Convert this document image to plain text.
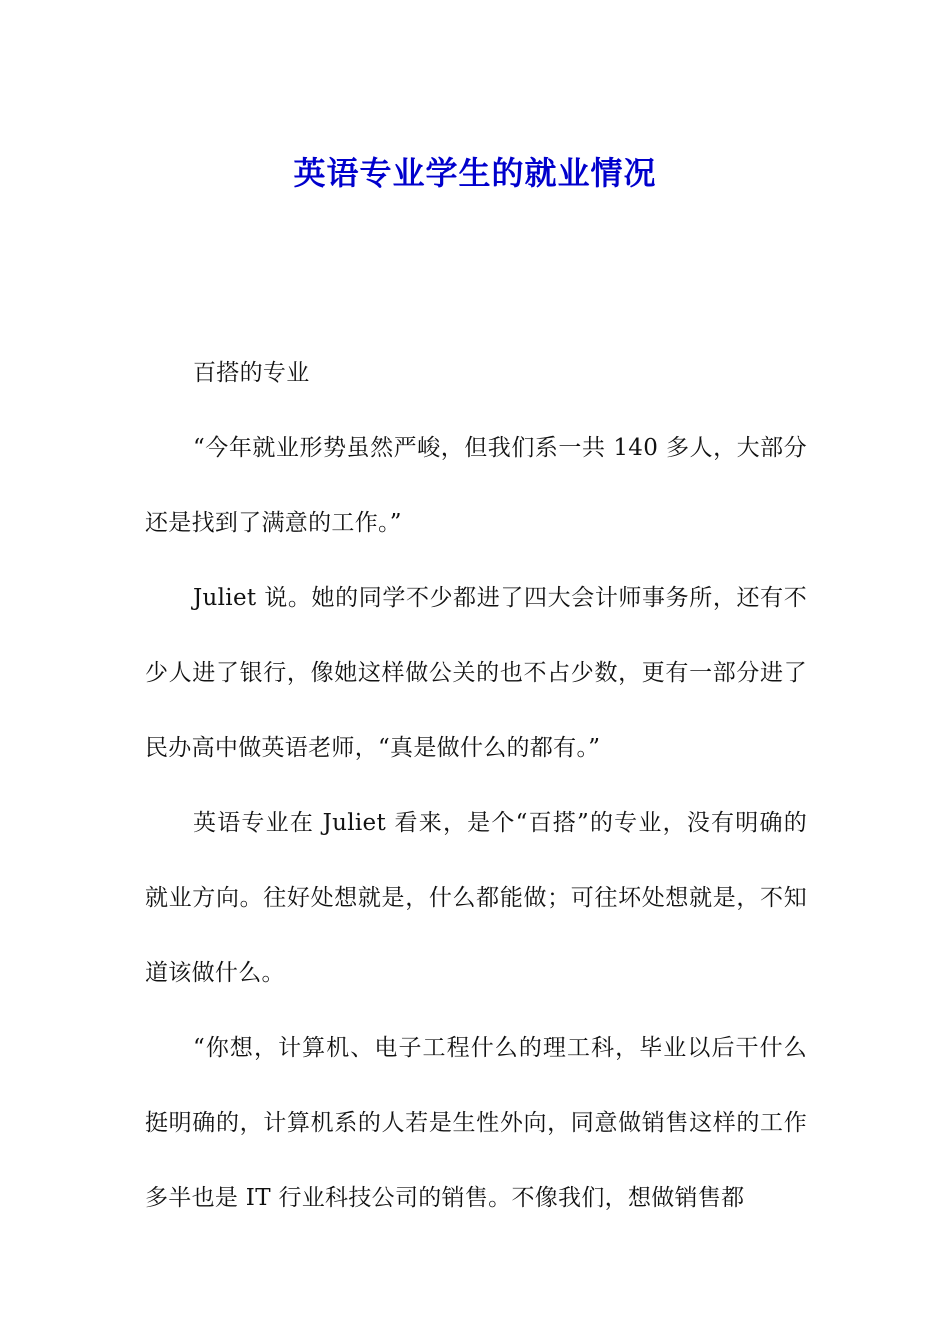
英语专业学生的就业情况

百搭的专业

“今年就业形势虽然严峻，但我们系一共 140 多人，大部分还是找到了满意的工作。”

Juliet 说。她的同学不少都进了四大会计师事务所，还有不少人进了银行，像她这样做公关的也不占少数，更有一部分进了民办高中做英语老师，“真是做什么的都有。”

英语专业在 Juliet 看来，是个“百搭”的专业，没有明确的就业方向。往好处想就是，什么都能做；可往坏处想就是，不知道该做什么。

“你想，计算机、电子工程什么的理工科，毕业以后干什么挺明确的，计算机系的人若是生性外向，同意做销售这样的工作多半也是 IT 行业科技公司的销售。不像我们，想做销售都
